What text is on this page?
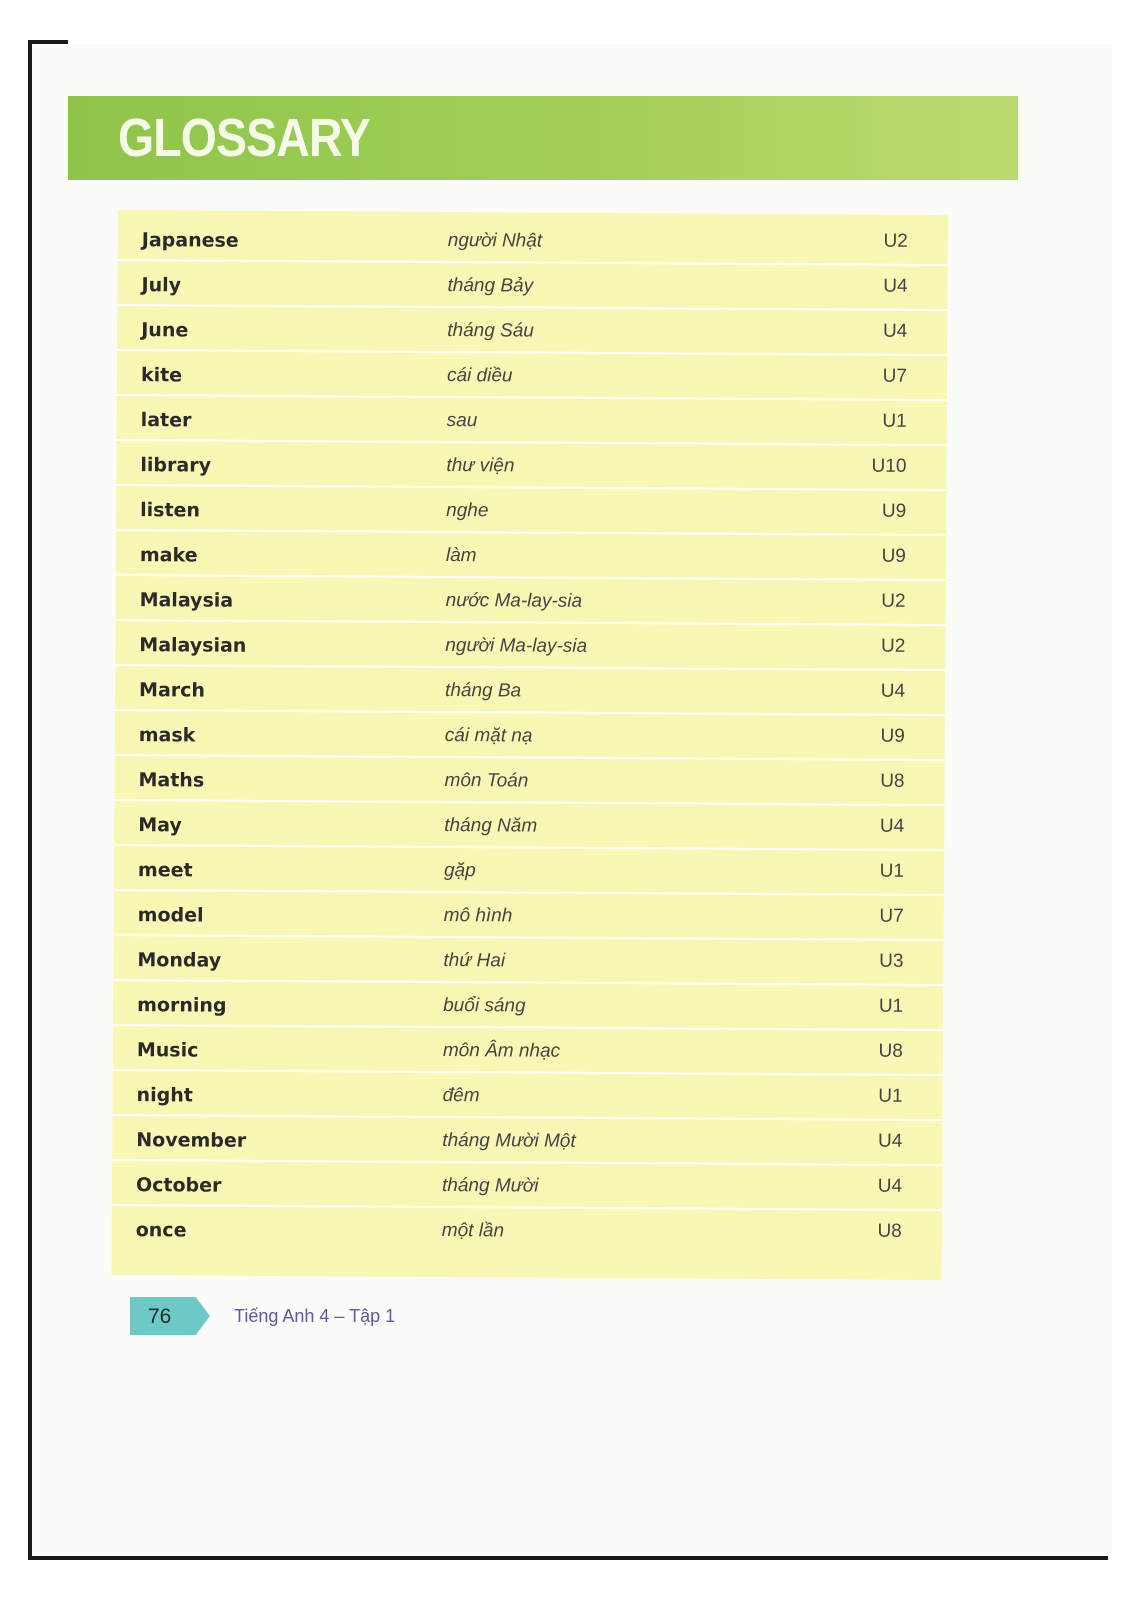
GLOSSARY
Japanese	người Nhật	U2
July	tháng Bảy	U4
June	tháng Sáu	U4
kite	cái diều	U7
later	sau	U1
library	thư viện	U10
listen	nghe	U9
make	làm	U9
Malaysia	nước Ma-lay-sia	U2
Malaysian	người Ma-lay-sia	U2
March	tháng Ba	U4
mask	cái mặt nạ	U9
Maths	môn Toán	U8
May	tháng Năm	U4
meet	gặp	U1
model	mô hình	U7
Monday	thứ Hai	U3
morning	buổi sáng	U1
Music	môn Âm nhạc	U8
night	đêm	U1
November	tháng Mười Một	U4
October	tháng Mười	U4
once	một lần	U8
76	Tiếng Anh 4 – Tập 1
